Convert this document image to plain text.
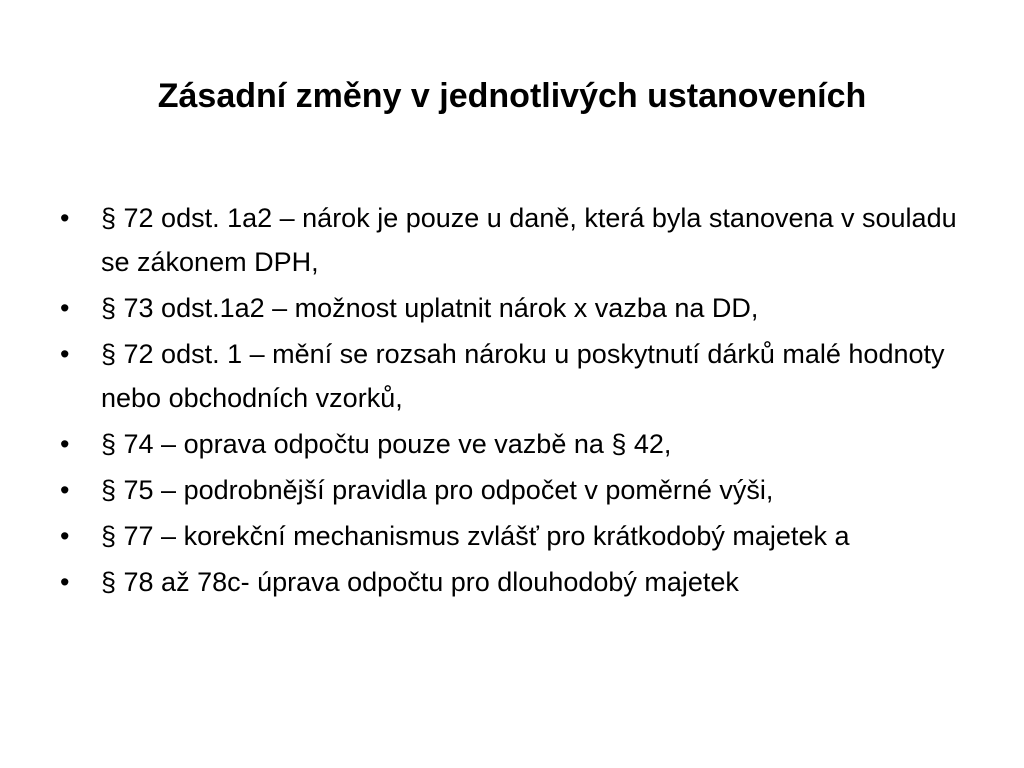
Zásadní změny v jednotlivých ustanoveních
•	§ 72 odst. 1a2 – nárok je pouze u daně, která byla stanovena v souladu se zákonem DPH,
•	§ 73 odst.1a2 – možnost uplatnit nárok x vazba na DD,
•	§ 72 odst. 1 – mění se rozsah nároku u poskytnutí dárků malé hodnoty nebo obchodních vzorků,
•	§ 74 – oprava odpočtu pouze ve vazbě na § 42,
•	§ 75 – podrobnější pravidla pro odpočet v poměrné výši,
•	§ 77 – korekční mechanismus zvlášť pro krátkodobý majetek a
•	§ 78 až 78c- úprava odpočtu pro dlouhodobý majetek
